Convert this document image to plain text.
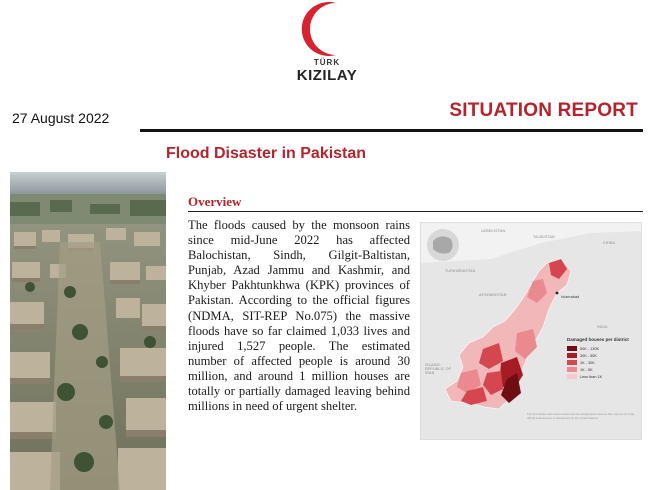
TÜRK
KIZILAY
27 August 2022	SITUATION REPORT
Flood Disaster in Pakistan
Overview
The floods caused by the monsoon rains since mid-June 2022 has affected Balochistan, Sindh, Gilgit-Baltistan, Punjab, Azad Jammu and Kashmir, and Khyber Pakhtunkhwa (KPK) provinces of Pakistan. According to the official figures (NDMA, SIT-REP No.075) the massive floods have so far claimed 1,033 lives and injured 1,527 people. The estimated number of affected people is around 30 million, and around 1 million houses are totally or partially damaged leaving behind millions in need of urgent shelter.
UZBEKISTAN
TAJIKISTAN
CHINA
TURKMENISTAN
AFGHANISTAN
INDIA
Islamabad
ISLAMIC REPUBLIC OF IRAN
Damaged houses per district
50K - 130K
30K - 50K
1K - 30K
1K - 5K
Less than 1K
The boundaries and names shown and the designations used on this map do not imply official endorsement or acceptance by the United Nations.
